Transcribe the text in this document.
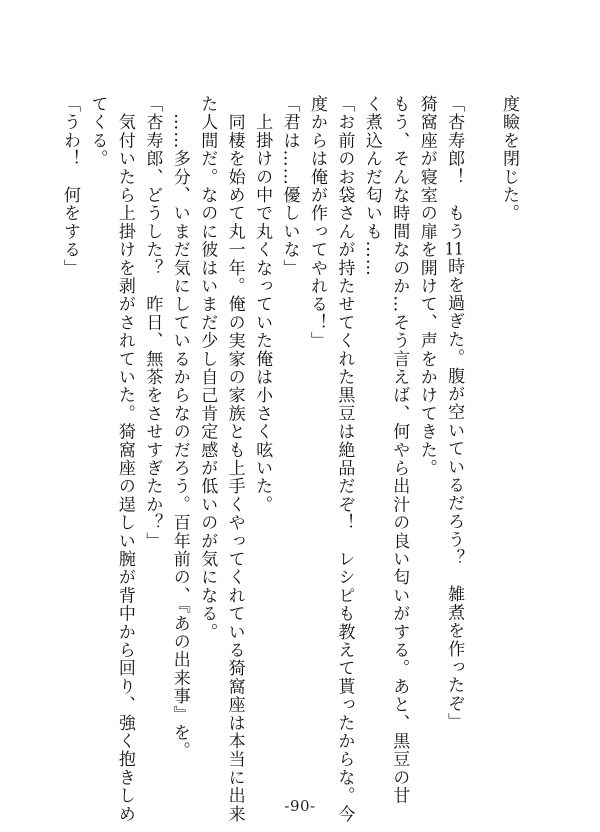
度瞼を閉じた。

「杏寿郎！　もう11時を過ぎた。腹が空いているだろう？　雑煮を作ったぞ」

猗窩座が寝室の扉を開けて、声をかけてきた。

もう、そんな時間なのか…そう言えば、何やら出汁の良い匂いがする。あと、黒豆の甘

く煮込んだ匂いも……

「お前のお袋さんが持たせてくれた黒豆は絶品だぞ！　レシピも教えて貰ったからな。今

度からは俺が作ってやれる！」

「君は……優しいな」

　上掛けの中で丸くなっていた俺は小さく呟いた。

　同棲を始めて丸一年。俺の実家の家族とも上手くやってくれている猗窩座は本当に出来

た人間だ。なのに彼はいまだ少し自己肯定感が低いのが気になる。

　……多分、いまだ気にしているからなのだろう。百年前の、『あの出来事』を。

「杏寿郎、どうした？　昨日、無茶をさせすぎたか？」

　気付いたら上掛けを剥がされていた。猗窩座の逞しい腕が背中から回り、強く抱きしめ

てくる。

「うわ！　何をする」

-90-
